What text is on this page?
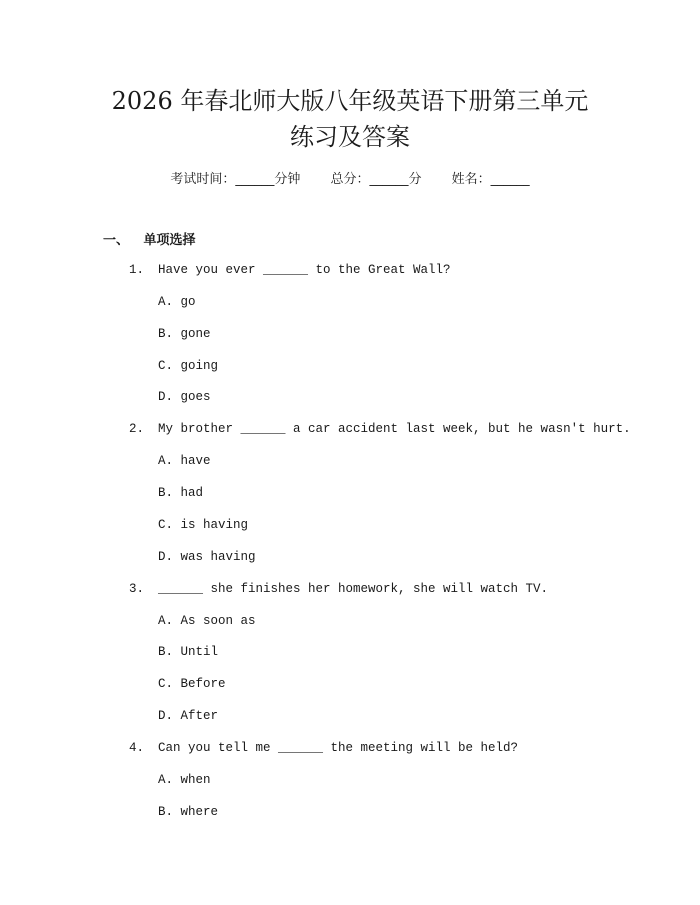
2026 年春北师大版八年级英语下册第三单元
练习及答案
考试时间：______分钟 总分：______分 姓名：______
一、 单项选择
1. Have you ever ______ to the Great Wall?
A. go
B. gone
C. going
D. goes
2. My brother ______ a car accident last week, but he wasn't hurt.
A. have
B. had
C. is having
D. was having
3. ______ she finishes her homework, she will watch TV.
A. As soon as
B. Until
C. Before
D. After
4. Can you tell me ______ the meeting will be held?
A. when
B. where
